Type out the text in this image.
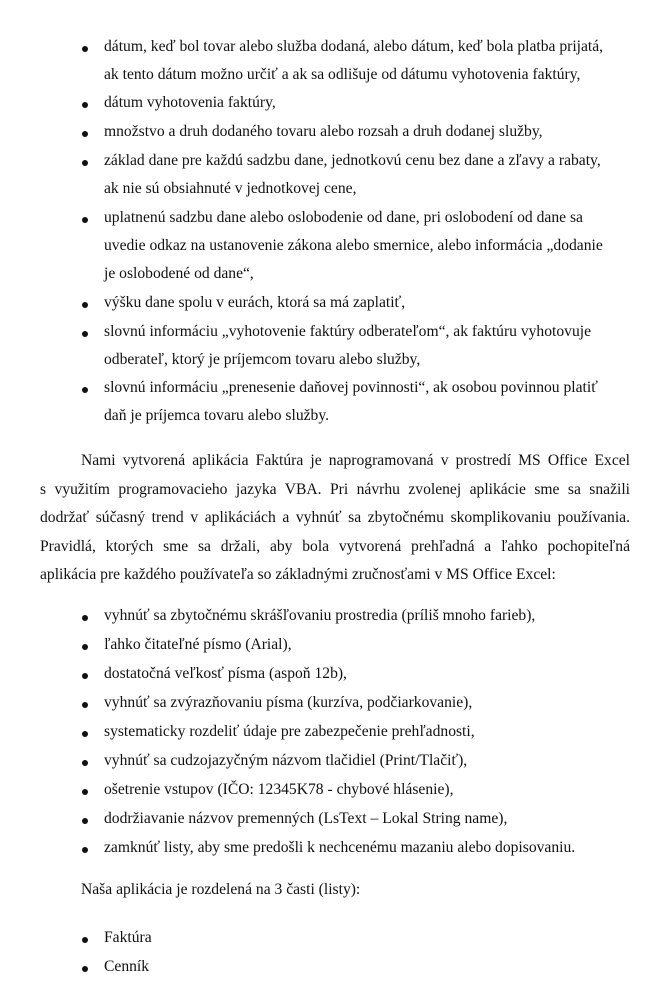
dátum, keď bol tovar alebo služba dodaná, alebo dátum, keď bola platba prijatá,
ak tento dátum možno určiť a ak sa odlišuje od dátumu vyhotovenia faktúry,
dátum vyhotovenia faktúry,
množstvo a druh dodaného tovaru alebo rozsah a druh dodanej služby,
základ dane pre každú sadzbu dane, jednotkovú cenu bez dane a zľavy a rabaty,
ak nie sú obsiahnuté v jednotkovej cene,
uplatnenú sadzbu dane alebo oslobodenie od dane, pri oslobodení od dane sa
uvedie odkaz na ustanovenie zákona alebo smernice, alebo informácia „dodanie
je oslobodené od dane“,
výšku dane spolu v eurách, ktorá sa má zaplatiť,
slovnú informáciu „vyhotovenie faktúry odberateľom“, ak faktúru vyhotovuje
odberateľ, ktorý je príjemcom tovaru alebo služby,
slovnú informáciu „prenesenie daňovej povinnosti“, ak osobou povinnou platiť
daň je príjemca tovaru alebo služby.
Nami vytvorená aplikácia Faktúra je naprogramovaná v prostredí MS Office Excel
s využitím programovacieho jazyka VBA. Pri návrhu zvolenej aplikácie sme sa snažili
dodržať súčasný trend v aplikáciách a vyhnúť sa zbytočnému skomplikovaniu používania.
Pravidlá, ktorých sme sa držali, aby bola vytvorená prehľadná a ľahko pochopiteľná
aplikácia pre každého používateľa so základnými zručnosťami v MS Office Excel:
vyhnúť sa zbytočnému skrášľovaniu prostredia (príliš mnoho farieb),
ľahko čitateľné písmo (Arial),
dostatočná veľkosť písma (aspoň 12b),
vyhnúť sa zvýrazňovaniu písma (kurzíva, podčiarkovanie),
systematicky rozdeliť údaje pre zabezpečenie prehľadnosti,
vyhnúť sa cudzojazyčným názvom tlačidiel (Print/Tlačiť),
ošetrenie vstupov (IČO: 12345K78 - chybové hlásenie),
dodržiavanie názvov premenných (LsText – Lokal String name),
zamknúť listy, aby sme predošli k nechcenému mazaniu alebo dopisovaniu.
Naša aplikácia je rozdelená na 3 časti (listy):
Faktúra
Cenník
